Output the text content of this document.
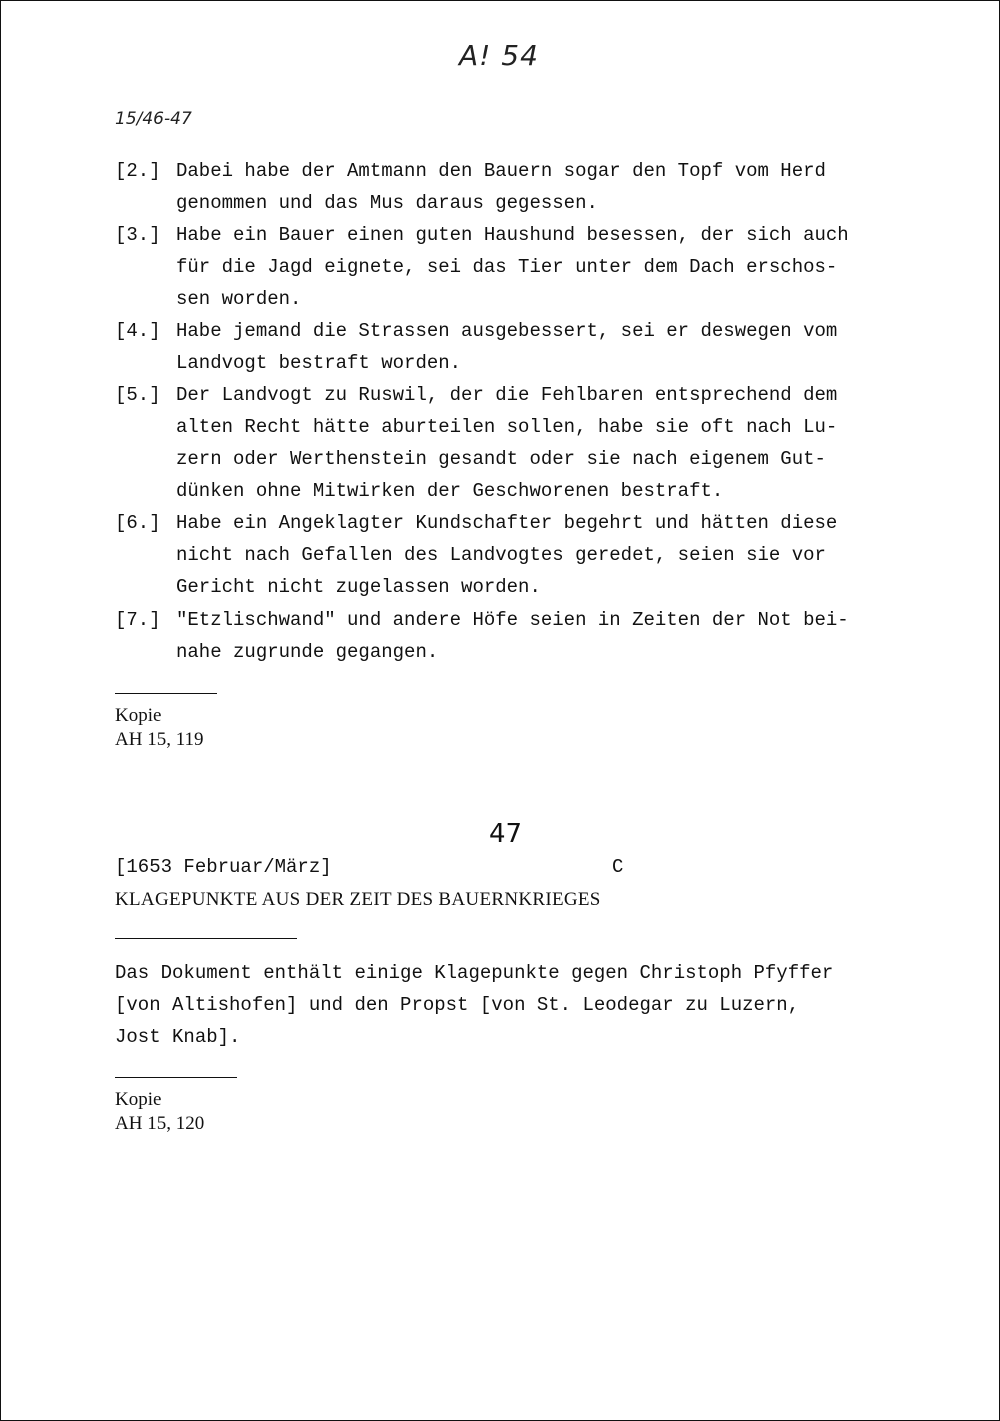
A! 54
15/46-47
[2.] Dabei habe der Amtmann den Bauern sogar den Topf vom Herd
genommen und das Mus daraus gegessen.
[3.] Habe ein Bauer einen guten Haushund besessen, der sich auch
für die Jagd eignete, sei das Tier unter dem Dach erschos-
sen worden.
[4.] Habe jemand die Strassen ausgebessert, sei er deswegen vom
Landvogt bestraft worden.
[5.] Der Landvogt zu Ruswil, der die Fehlbaren entsprechend dem
alten Recht hätte aburteilen sollen, habe sie oft nach Lu-
zern oder Werthenstein gesandt oder sie nach eigenem Gut-
dünken ohne Mitwirken der Geschworenen bestraft.
[6.] Habe ein Angeklagter Kundschafter begehrt und hätten diese
nicht nach Gefallen des Landvogtes geredet, seien sie vor
Gericht nicht zugelassen worden.
[7.] "Etzlischwand" und andere Höfe seien in Zeiten der Not bei-
nahe zugrunde gegangen.
Kopie
AH 15, 119
47
[1653 Februar/März]	C
KLAGEPUNKTE AUS DER ZEIT DES BAUERNKRIEGES
Das Dokument enthält einige Klagepunkte gegen Christoph Pfyffer
[von Altishofen] und den Propst [von St. Leodegar zu Luzern,
Jost Knab].
Kopie
AH 15, 120
